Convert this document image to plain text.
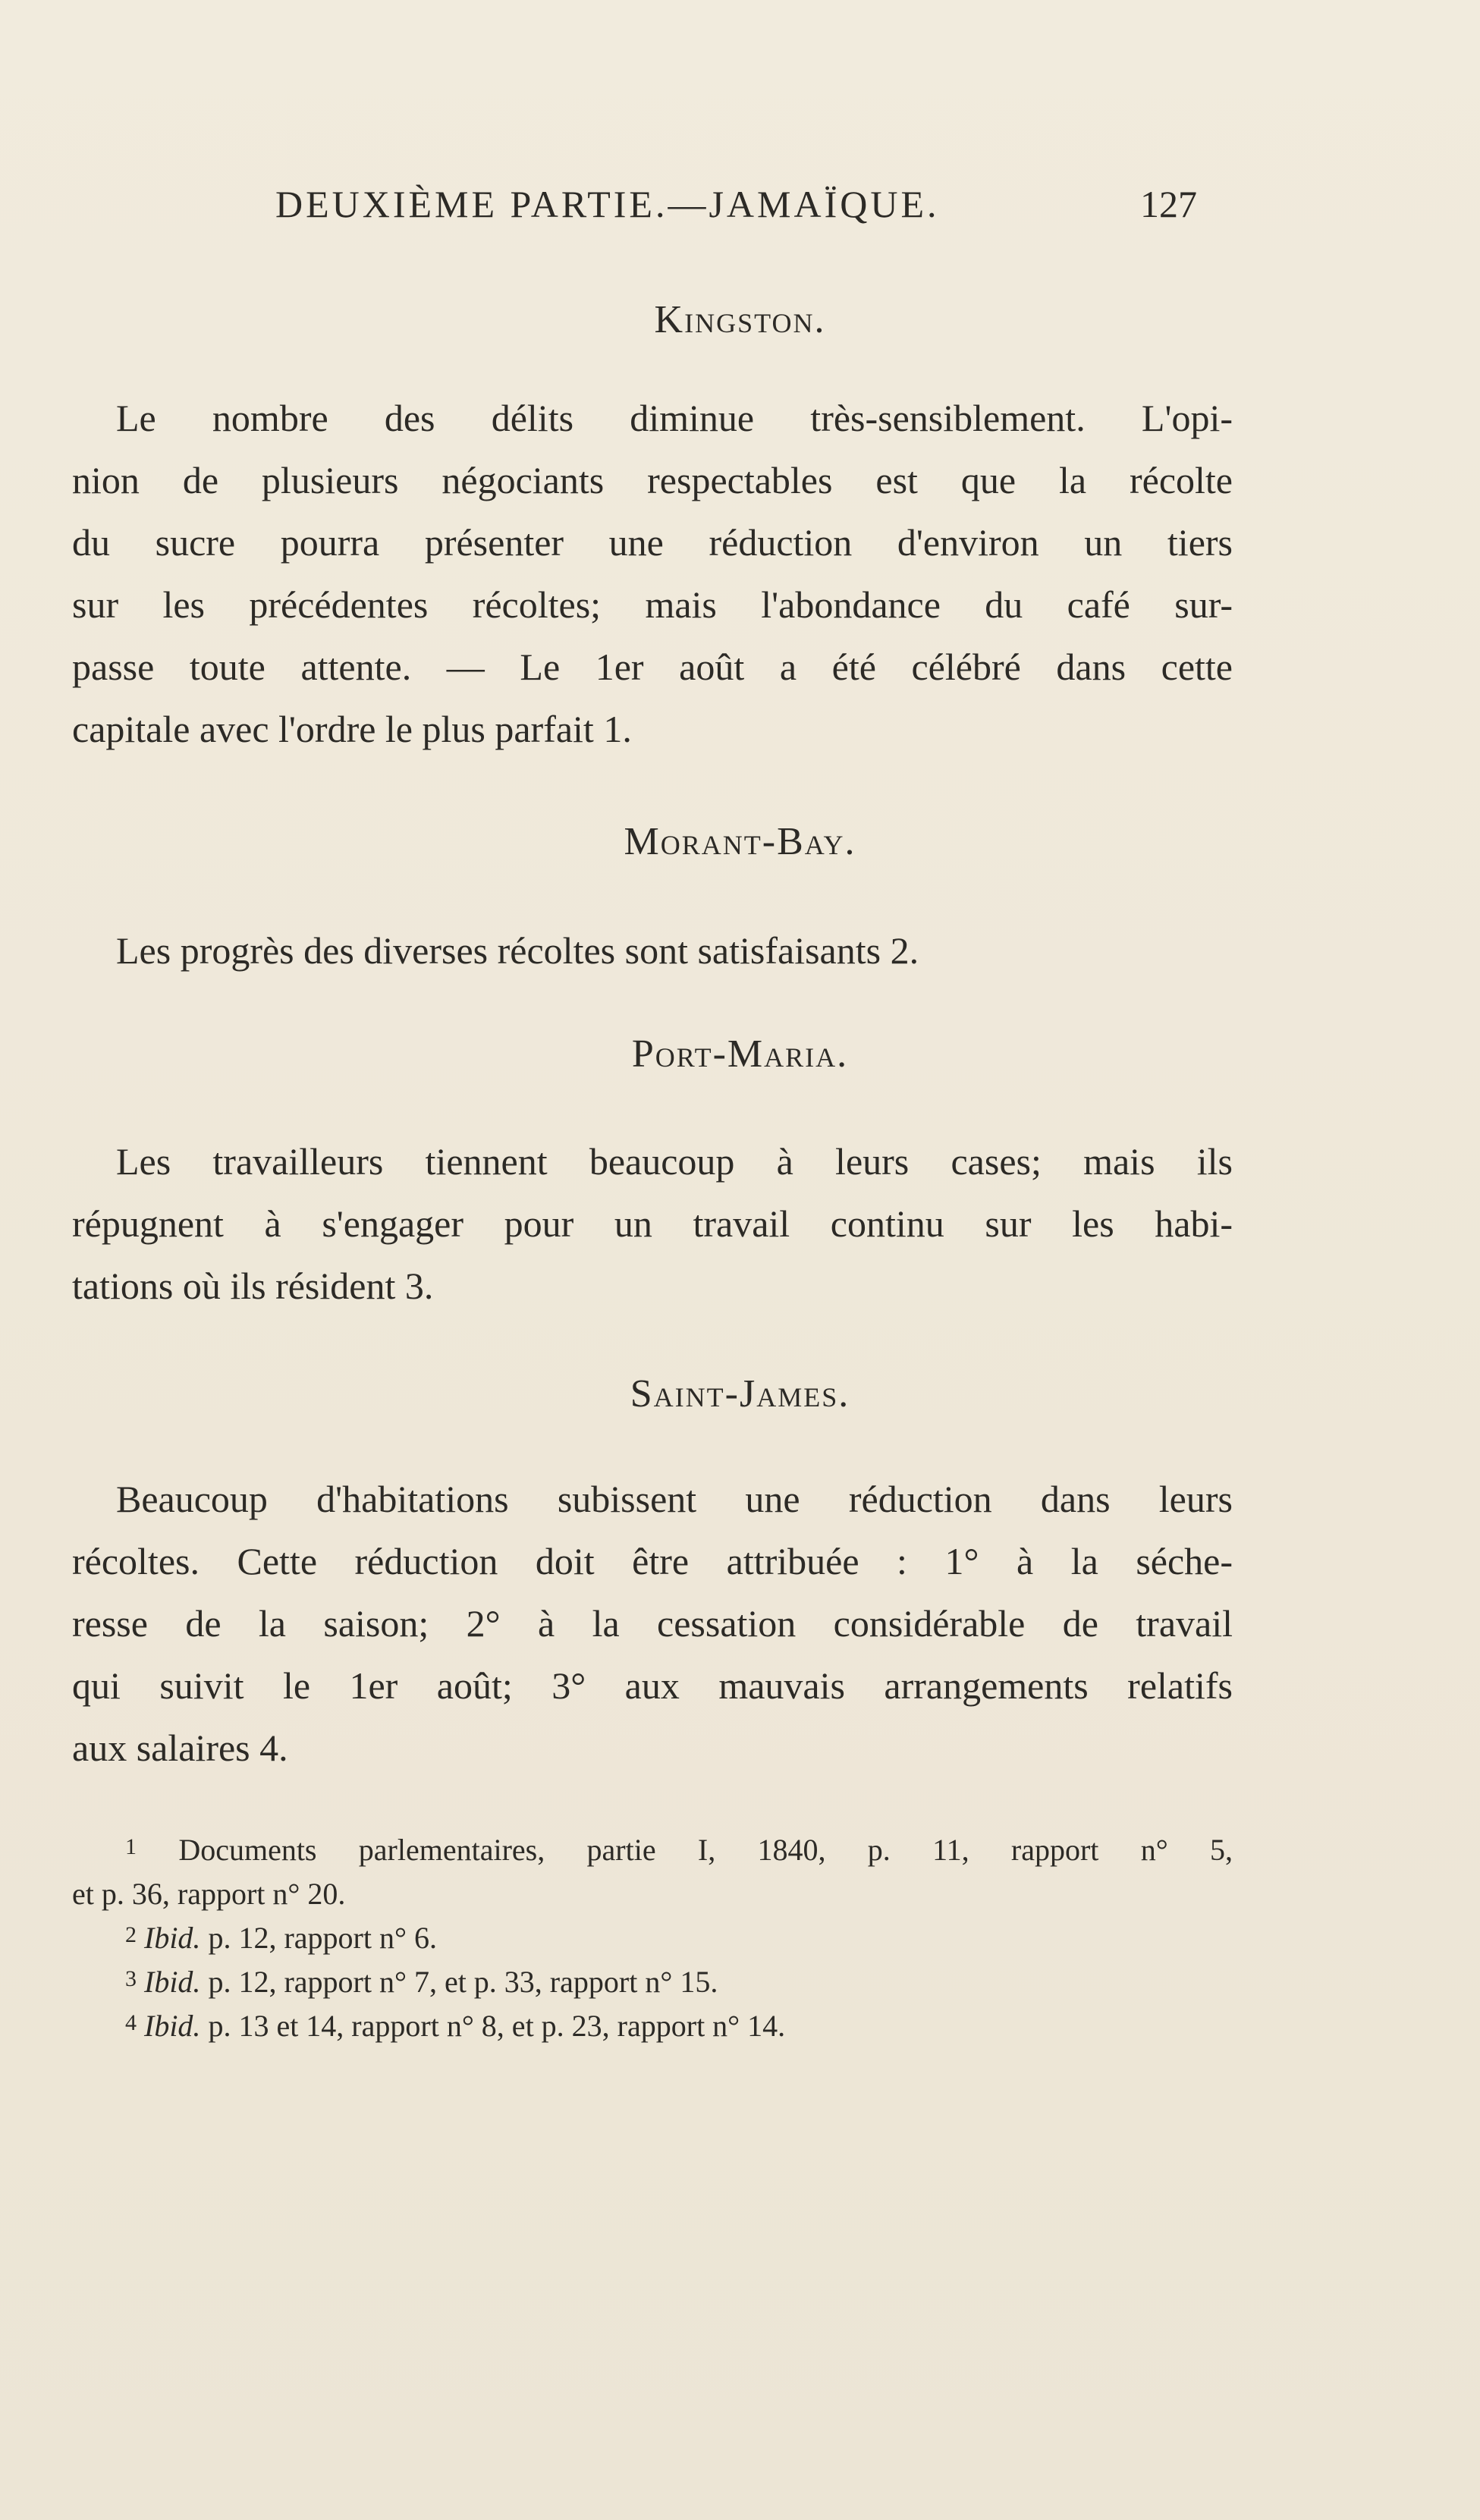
DEUXIÈME PARTIE.—JAMAÏQUE.	127
Kingston.
Le nombre des délits diminue très-sensiblement. L'opi-
nion de plusieurs négociants respectables est que la récolte
du sucre pourra présenter une réduction d'environ un tiers
sur les précédentes récoltes; mais l'abondance du café sur-
passe toute attente. — Le 1er août a été célébré dans cette
capitale avec l'ordre le plus parfait 1.
Morant-Bay.
Les progrès des diverses récoltes sont satisfaisants 2.
Port-Maria.
Les travailleurs tiennent beaucoup à leurs cases; mais ils
répugnent à s'engager pour un travail continu sur les habi-
tations où ils résident 3.
Saint-James.
Beaucoup d'habitations subissent une réduction dans leurs
récoltes. Cette réduction doit être attribuée : 1° à la séche-
resse de la saison; 2° à la cessation considérable de travail
qui suivit le 1er août; 3° aux mauvais arrangements relatifs
aux salaires 4.
$^1$ Documents parlementaires, partie I, 1840, p. 11, rapport n° 5,
et p. 36, rapport n° 20.
$^2$ Ibid. p. 12, rapport n° 6.
$^3$ Ibid. p. 12, rapport n° 7, et p. 33, rapport n° 15.
$^4$ Ibid. p. 13 et 14, rapport n° 8, et p. 23, rapport n° 14.
